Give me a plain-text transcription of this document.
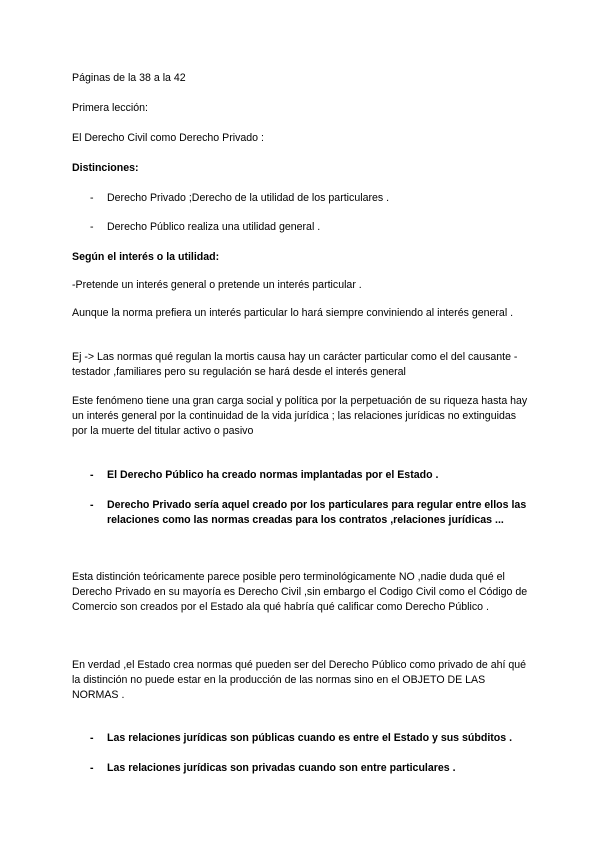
Páginas de la 38 a la 42
Primera lección:
El Derecho Civil como Derecho Privado :
Distinciones:
- Derecho Privado ;Derecho de la utilidad de los particulares .
- Derecho Público realiza una utilidad general .
Según el interés o la utilidad:
-Pretende un interés general o pretende un interés particular .
Aunque la norma prefiera un interés particular lo hará siempre conviniendo al interés general .
Ej -> Las normas qué regulan la mortis causa hay un carácter particular como el del causante - testador ,familiares pero su regulación se hará desde el interés general
Este fenómeno tiene una gran carga social y política por la perpetuación de su riqueza hasta hay un interés general por la continuidad de la vida jurídica ; las relaciones jurídicas no extinguidas por la muerte del titular activo o pasivo
- El Derecho Público ha creado normas implantadas por el Estado .
- Derecho Privado sería aquel creado por los particulares para regular entre ellos las relaciones como las normas creadas para los contratos ,relaciones jurídicas ...
Esta distinción teóricamente parece posible pero terminológicamente NO ,nadie duda qué el Derecho Privado en su mayoría es Derecho Civil ,sin embargo el Codigo Civil como el Código de Comercio son creados por el Estado ala qué habría qué calificar como Derecho Público .
En verdad ,el Estado crea normas qué pueden ser del Derecho Público como privado de ahí qué la distinción no puede estar en la producción de las normas sino en el OBJETO DE LAS NORMAS .
- Las relaciones jurídicas son públicas cuando es entre el Estado y sus súbditos .
- Las relaciones jurídicas son privadas cuando son entre particulares .
